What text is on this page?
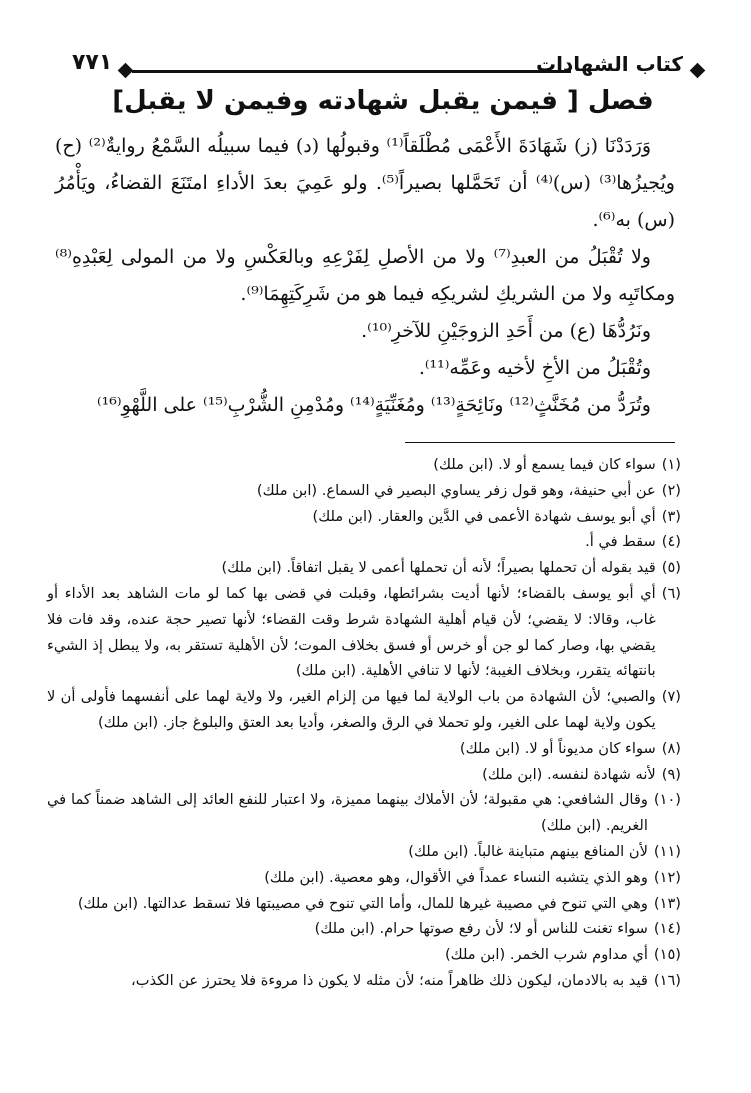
كتاب الشهادات
٧٧١
فصل [ فيمن يقبل شهادته وفيمن لا يقبل]

وَرَدَدْنَا (ز) شَهَادَةَ الأَعْمَى مُطْلَقاً⁽¹⁾ وقبولُها (د) فيما سبيلُه السَّمْعُ روايةٌ⁽²⁾ (ح) ويُجيزُها⁽³⁾ (س)⁽⁴⁾ أن تَحَمَّلها بصيراً⁽⁵⁾. ولو عَمِيَ بعدَ الأداءِ امتَنَعَ القضاءُ، ويَأْمُرُ (س) به⁽⁶⁾.

ولا تُقْبَلُ من العبدِ⁽⁷⁾ ولا من الأصلِ لِفَرْعِهِ وبالعَكْسِ ولا من المولى لِعَبْدِهِ⁽⁸⁾ ومكاتَبِه ولا من الشريكِ لشريكِه فيما هو من شَرِكَتِهِمَا⁽⁹⁾.

ونَرُدُّهَا (ع) من أَحَدِ الزوجَيْنِ للآخرِ⁽¹⁰⁾.

وتُقْبَلُ من الأخِ لأخيه وعَمِّه⁽¹¹⁾.

وتُرَدُّ من مُخَنَّثٍ⁽¹²⁾ ونَائِحَةٍ⁽¹³⁾ ومُغَنِّيَةٍ⁽¹⁴⁾ ومُدْمِنِ الشُّرْبِ⁽¹⁵⁾ على اللَّهْوِ⁽¹⁶⁾

(١)
سواء كان فيما يسمع أو لا. (ابن ملك)
(٢)
عن أبي حنيفة، وهو قول زفر يساوي البصير في السماع. (ابن ملك)
(٣)
أي أبو يوسف شهادة الأعمى في الدَّين والعقار. (ابن ملك)
(٤)
سقط في أ.
(٥)
قيد بقوله أن تحملها بصيراً؛ لأنه أن تحملها أعمى لا يقبل اتفاقاً. (ابن ملك)
(٦)
أي أبو يوسف بالقضاء؛ لأنها أديت بشرائطها، وقبلت في قضى بها كما لو مات الشاهد بعد الأداء أو غاب، وقالا: لا يقضي؛ لأن قيام أهلية الشهادة شرط وقت القضاء؛ لأنها تصير حجة عنده، وقد فات فلا يقضي بها، وصار كما لو جن أو خرس أو فسق بخلاف الموت؛ لأن الأهلية تستقر به، ولا يبطل إذ الشيء بانتهائه يتقرر، وبخلاف الغيبة؛ لأنها لا تنافي الأهلية. (ابن ملك)
(٧)
والصبي؛ لأن الشهادة من باب الولاية لما فيها من إلزام الغير، ولا ولاية لهما على أنفسهما فأولى أن لا يكون ولاية لهما على الغير، ولو تحملا في الرق والصغر، وأديا بعد العتق والبلوغ جاز. (ابن ملك)
(٨)
سواء كان مديوناً أو لا. (ابن ملك)
(٩)
لأنه شهادة لنفسه. (ابن ملك)
(١٠)
وقال الشافعي: هي مقبولة؛ لأن الأملاك بينهما مميزة، ولا اعتبار للنفع العائد إلى الشاهد ضمناً كما في الغريم. (ابن ملك)
(١١)
لأن المنافع بينهم متباينة غالباً. (ابن ملك)
(١٢)
وهو الذي يتشبه النساء عمداً في الأقوال، وهو معصية. (ابن ملك)
(١٣)
وهي التي تنوح في مصيبة غيرها للمال، وأما التي تنوح في مصيبتها فلا تسقط عدالتها. (ابن ملك)
(١٤)
سواء تغنت للناس أو لا؛ لأن رفع صوتها حرام. (ابن ملك)
(١٥)
أي مداوم شرب الخمر. (ابن ملك)
(١٦)
قيد به بالادمان، ليكون ذلك ظاهراً منه؛ لأن مثله لا يكون ذا مروءة فلا يحترز عن الكذب،
